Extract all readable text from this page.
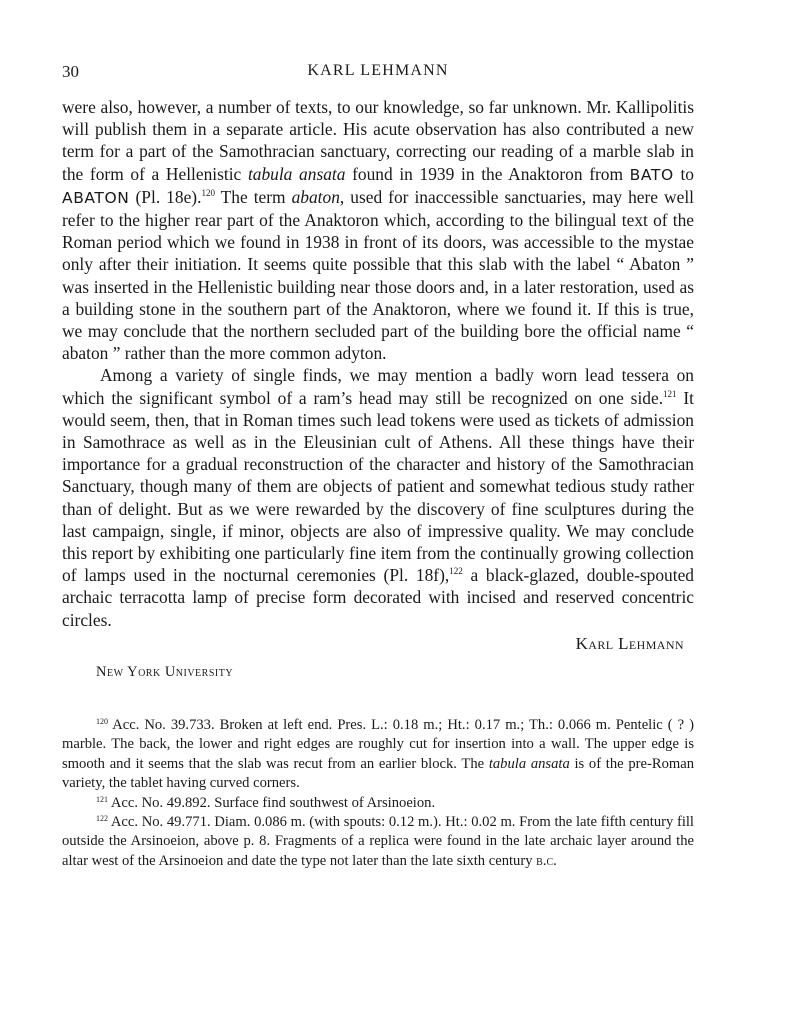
30	KARL LEHMANN

were also, however, a number of texts, to our knowledge, so far unknown. Mr. Kallipolitis will publish them in a separate article. His acute observation has also contributed a new term for a part of the Samothracian sanctuary, correcting our reading of a marble slab in the form of a Hellenistic tabula ansata found in 1939 in the Anaktoron from BATO to ABATON (Pl. 18e).$^{120}$ The term abaton, used for inaccessible sanctuaries, may here well refer to the higher rear part of the Anaktoron which, according to the bilingual text of the Roman period which we found in 1938 in front of its doors, was accessible to the mystae only after their initiation. It seems quite possible that this slab with the label “ Abaton ” was inserted in the Hellenistic building near those doors and, in a later restoration, used as a building stone in the southern part of the Anaktoron, where we found it. If this is true, we may conclude that the northern secluded part of the building bore the official name “ abaton ” rather than the more common adyton.

Among a variety of single finds, we may mention a badly worn lead tessera on which the significant symbol of a ram’s head may still be recognized on one side.$^{121}$ It would seem, then, that in Roman times such lead tokens were used as tickets of admission in Samothrace as well as in the Eleusinian cult of Athens. All these things have their importance for a gradual reconstruction of the character and history of the Samothracian Sanctuary, though many of them are objects of patient and somewhat tedious study rather than of delight. But as we were rewarded by the discovery of fine sculptures during the last campaign, single, if minor, objects are also of impressive quality. We may conclude this report by exhibiting one particularly fine item from the continually growing collection of lamps used in the nocturnal ceremonies (Pl. 18f),$^{122}$ a black-glazed, double-spouted archaic terracotta lamp of precise form decorated with incised and reserved concentric circles.

Karl Lehmann
New York University

$^{120}$ Acc. No. 39.733. Broken at left end. Pres. L.: 0.18 m.; Ht.: 0.17 m.; Th.: 0.066 m. Pentelic ( ? ) marble. The back, the lower and right edges are roughly cut for insertion into a wall. The upper edge is smooth and it seems that the slab was recut from an earlier block. The tabula ansata is of the pre-Roman variety, the tablet having curved corners.

$^{121}$ Acc. No. 49.892. Surface find southwest of Arsinoeion.

$^{122}$ Acc. No. 49.771. Diam. 0.086 m. (with spouts: 0.12 m.). Ht.: 0.02 m. From the late fifth century fill outside the Arsinoeion, above p. 8. Fragments of a replica were found in the late archaic layer around the altar west of the Arsinoeion and date the type not later than the late sixth century b.c.
